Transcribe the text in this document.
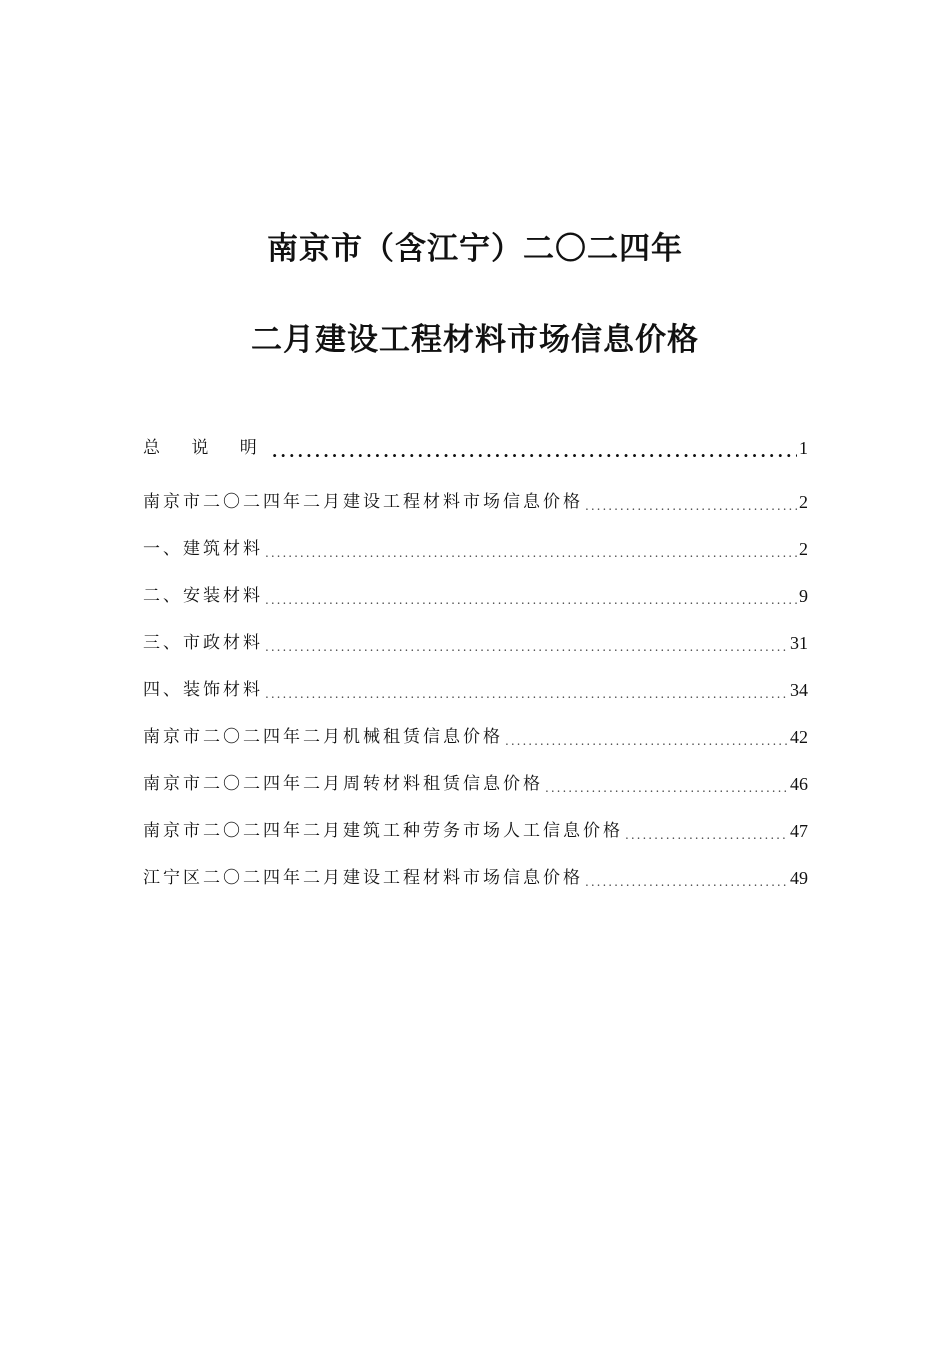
南京市（含江宁）二〇二四年
二月建设工程材料市场信息价格
总 说 明 .....	1
南京市二〇二四年二月建设工程材料市场信息价格 .....	2
一、建筑材料 .....	2
二、安装材料 .....	9
三、市政材料 .....	31
四、装饰材料 .....	34
南京市二〇二四年二月机械租赁信息价格 .....	42
南京市二〇二四年二月周转材料租赁信息价格 .....	46
南京市二〇二四年二月建筑工种劳务市场人工信息价格 .....	47
江宁区二〇二四年二月建设工程材料市场信息价格 .....	49
